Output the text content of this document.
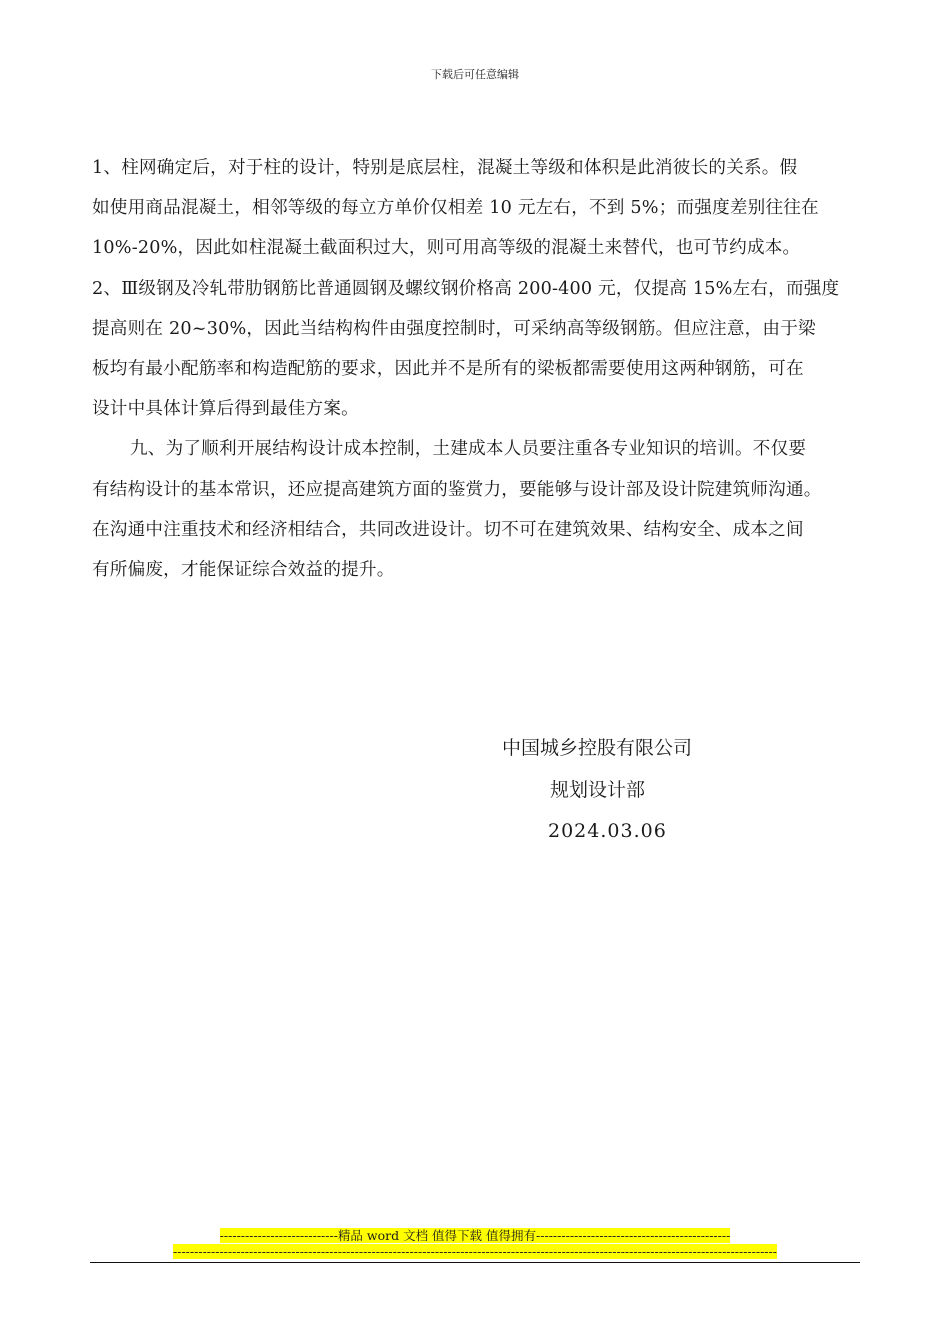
下载后可任意编辑
1、柱网确定后，对于柱的设计，特别是底层柱，混凝土等级和体积是此消彼长的关系。假
如使用商品混凝土，相邻等级的每立方单价仅相差 10 元左右，不到 5%；而强度差别往往在
10%-20%，因此如柱混凝土截面积过大，则可用高等级的混凝土来替代，也可节约成本。
2、Ⅲ级钢及冷轧带肋钢筋比普通圆钢及螺纹钢价格高 200-400 元，仅提高 15%左右，而强度
提高则在 20~30%，因此当结构构件由强度控制时，可采纳高等级钢筋。但应注意，由于梁
板均有最小配筋率和构造配筋的要求，因此并不是所有的梁板都需要使用这两种钢筋，可在
设计中具体计算后得到最佳方案。
九、为了顺利开展结构设计成本控制，土建成本人员要注重各专业知识的培训。不仅要
有结构设计的基本常识，还应提高建筑方面的鉴赏力，要能够与设计部及设计院建筑师沟通。
在沟通中注重技术和经济相结合，共同改进设计。切不可在建筑效果、结构安全、成本之间
有所偏废，才能保证综合效益的提升。
中国城乡控股有限公司
规划设计部
2024.03.06
----------------------------精品 word 文档 值得下载 值得拥有----------------------------------------------
-----------------------------------------------------------------------------------------------------------------------------------------------
